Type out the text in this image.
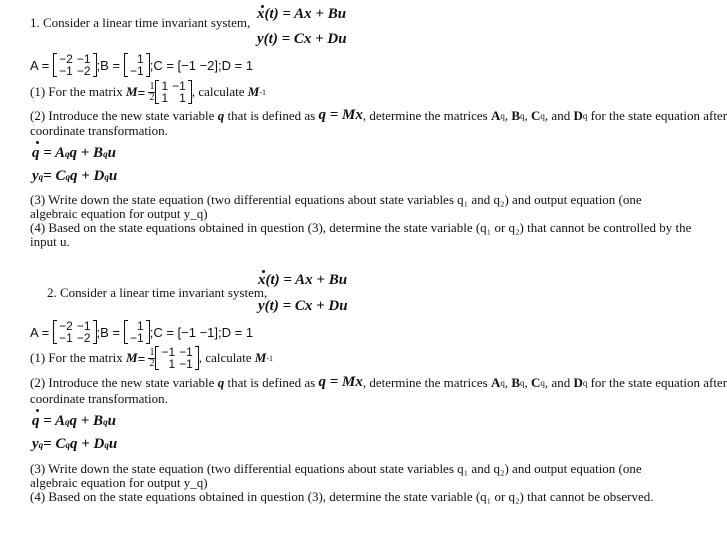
1. Consider a linear time invariant system,
x(t) = Ax + Bu
y(t) = Cx + Du
A = −2	−1
−1	−2 ;B = 1
−1 ;C = [−1 −2];D = 1
(1) For the matrix
M =
$\frac{1}{2} 1$	−1
1	1 , calculate
M -1
(2) Introduce the new state variable
q
that is defined as
q = Mx , determine the matrices
A q ,
B q ,
C q ,
and
D q
for the state equation after
coordinate transformation.
q = A q q + B q u
y q = C q q + D q u
(3) Write down the state equation (two differential equations about state variables q₁ and q₂) and output equation (one algebraic equation for output y_q)
(4) Based on the state equations obtained in question (3), determine the state variable (q₁ or q₂) that cannot be controlled by the input u.
2. Consider a linear time invariant system,
x(t) = Ax + Bu
y(t) = Cx + Du
A = −2	−1
−1	−2 ;B = 1
−1 ;C = [−1 −1];D = 1
(1) For the matrix
M =
$\frac{1}{2} -1$	−1
1	−1 , calculate
M -1
(2) Introduce the new state variable
q
that is defined as
q = Mx , determine the matrices
A q ,
B q ,
C q ,
and
D q
for the state equation after
coordinate transformation.
q = A q q + B q u
y q = C q q + D q u
(3) Write down the state equation (two differential equations about state variables q₁ and q₂) and output equation (one algebraic equation for output y_q)
(4) Based on the state equations obtained in question (3), determine the state variable (q₁ or q₂) that cannot be observed.
